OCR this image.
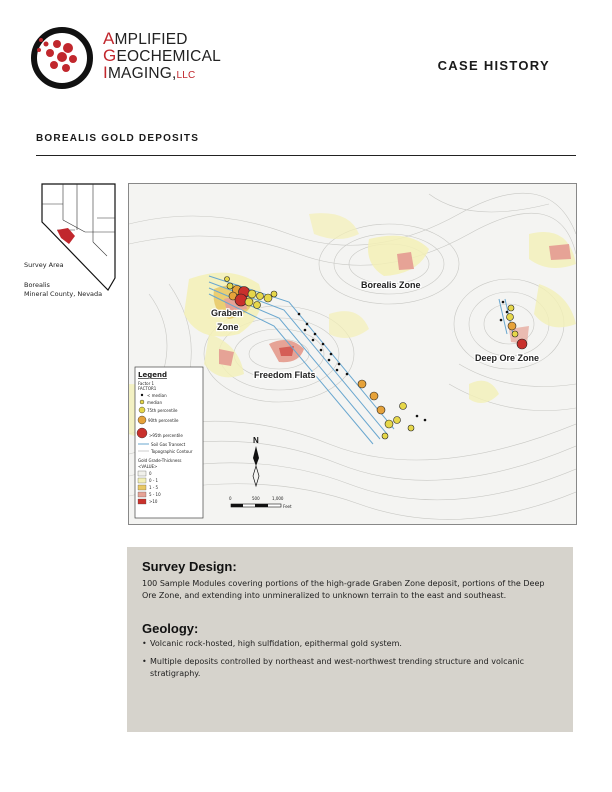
AMPLIFIED
GEOCHEMICAL
IMAGING,LLC
CASE HISTORY
BOREALIS GOLD DEPOSITS
Survey Area
Borealis
Mineral County, Nevada
Borealis Zone
Graben
Zone
Freedom Flats
Deep Ore Zone
Legend
Factor 1
FACTOR1
< median
median
75th percentile
90th percentile
>95th percentile
Soil Gas Transect
Topographic Contour
Gold Grade-Thickness
<VALUE>
0
0 - 1
1 - 5
5 - 10
>10
N
0	500	1,000
Feet
Survey Design:
100 Sample Modules covering portions of the high-grade Graben Zone deposit, portions of the Deep Ore Zone, and extending into unmineralized to unknown terrain to the east and southeast.
Geology:
• Volcanic rock-hosted, high sulfidation, epithermal gold system.
• Multiple deposits controlled by northeast and west-northwest trending structure and volcanic stratigraphy.
